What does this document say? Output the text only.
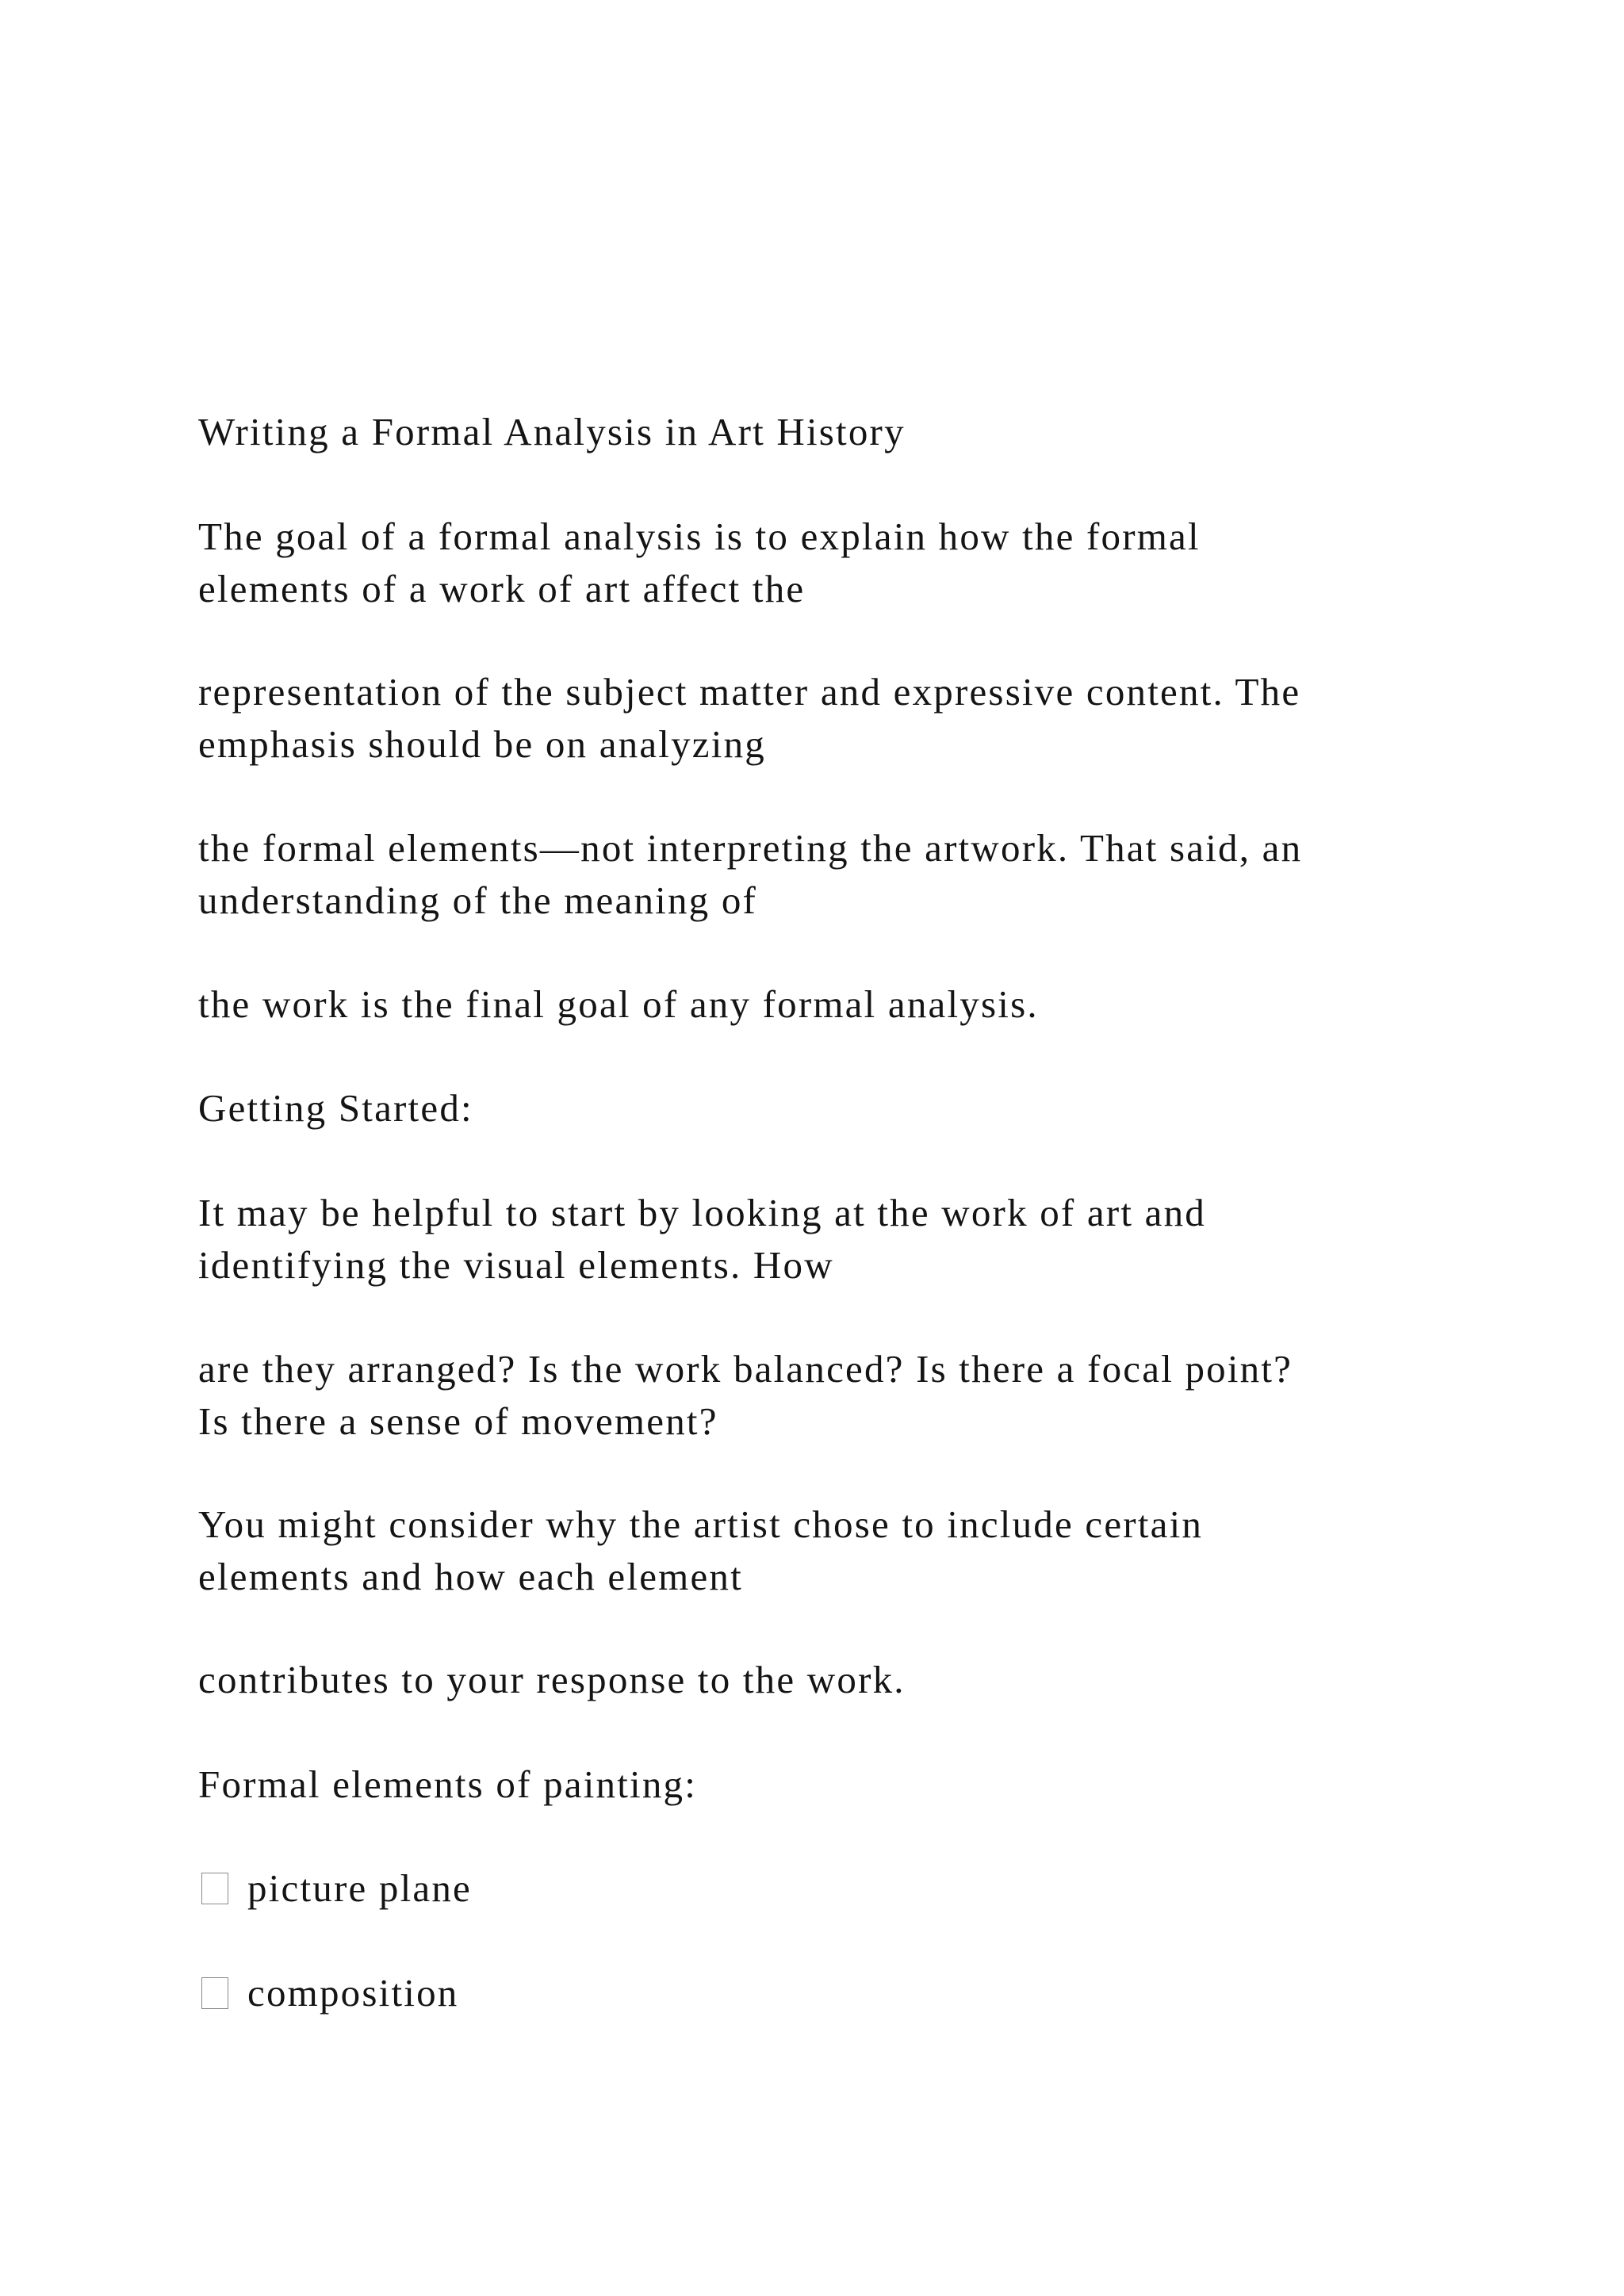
Writing a Formal Analysis in Art History

The goal of a formal analysis is to explain how the formal
elements of a work of art affect the

representation of the subject matter and expressive content. The
emphasis should be on analyzing

the formal elements—not interpreting the artwork. That said, an
understanding of the meaning of

the work is the final goal of any formal analysis.

Getting Started:

It may be helpful to start by looking at the work of art and
identifying the visual elements. How

are they arranged? Is the work balanced? Is there a focal point?
Is there a sense of movement?

You might consider why the artist chose to include certain
elements and how each element

contributes to your response to the work.

Formal elements of painting:

picture plane

composition
